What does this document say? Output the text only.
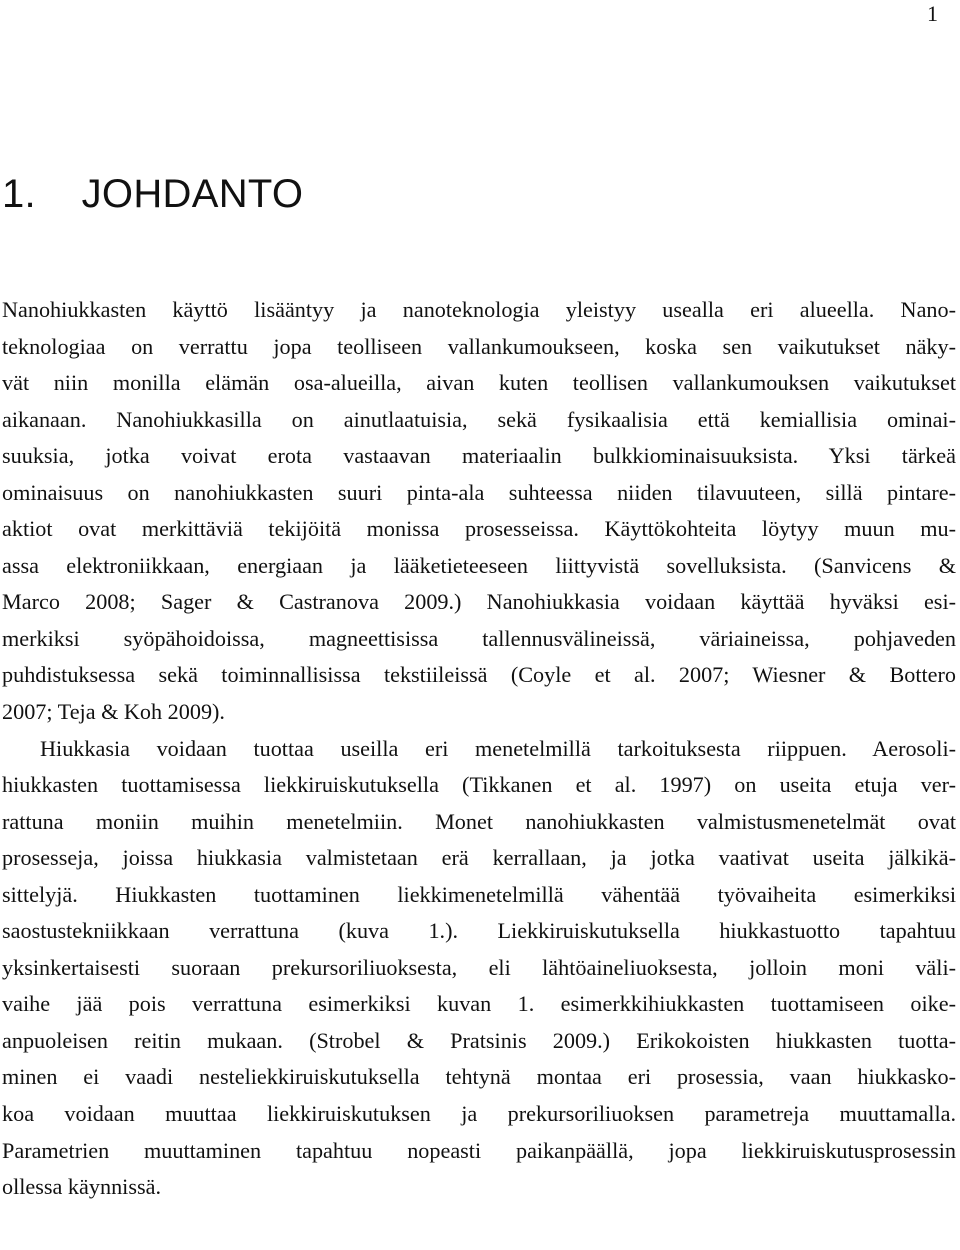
1
1. JOHDANTO

Nanohiukkasten käyttö lisääntyy ja nanoteknologia yleistyy usealla eri alueella. Nano-
teknologiaa on verrattu jopa teolliseen vallankumoukseen, koska sen vaikutukset näky-
vät niin monilla elämän osa-alueilla, aivan kuten teollisen vallankumouksen vaikutukset
aikanaan. Nanohiukkasilla on ainutlaatuisia, sekä fysikaalisia että kemiallisia ominai-
suuksia, jotka voivat erota vastaavan materiaalin bulkkiominaisuuksista. Yksi tärkeä
ominaisuus on nanohiukkasten suuri pinta-ala suhteessa niiden tilavuuteen, sillä pintare-
aktiot ovat merkittäviä tekijöitä monissa prosesseissa. Käyttökohteita löytyy muun mu-
assa elektroniikkaan, energiaan ja lääketieteeseen liittyvistä sovelluksista. (Sanvicens &
Marco 2008; Sager & Castranova 2009.) Nanohiukkasia voidaan käyttää hyväksi esi-
merkiksi syöpähoidoissa, magneettisissa tallennusvälineissä, väriaineissa, pohjaveden
puhdistuksessa sekä toiminnallisissa tekstiileissä (Coyle et al. 2007; Wiesner & Bottero
2007; Teja & Koh 2009).

Hiukkasia voidaan tuottaa useilla eri menetelmillä tarkoituksesta riippuen. Aerosoli-
hiukkasten tuottamisessa liekkiruiskutuksella (Tikkanen et al. 1997) on useita etuja ver-
rattuna moniin muihin menetelmiin. Monet nanohiukkasten valmistusmenetelmät ovat
prosesseja, joissa hiukkasia valmistetaan erä kerrallaan, ja jotka vaativat useita jälkikä-
sittelyjä. Hiukkasten tuottaminen liekkimenetelmillä vähentää työvaiheita esimerkiksi
saostustekniikkaan verrattuna (kuva 1.). Liekkiruiskutuksella hiukkastuotto tapahtuu
yksinkertaisesti suoraan prekursoriliuoksesta, eli lähtöaineliuoksesta, jolloin moni väli-
vaihe jää pois verrattuna esimerkiksi kuvan 1. esimerkkihiukkasten tuottamiseen oike-
anpuoleisen reitin mukaan. (Strobel & Pratsinis 2009.) Erikokoisten hiukkasten tuotta-
minen ei vaadi nesteliekkiruiskutuksella tehtynä montaa eri prosessia, vaan hiukkasko-
koa voidaan muuttaa liekkiruiskutuksen ja prekursoriliuoksen parametreja muuttamalla.
Parametrien muuttaminen tapahtuu nopeasti paikanpäällä, jopa liekkiruiskutusprosessin
ollessa käynnissä.
